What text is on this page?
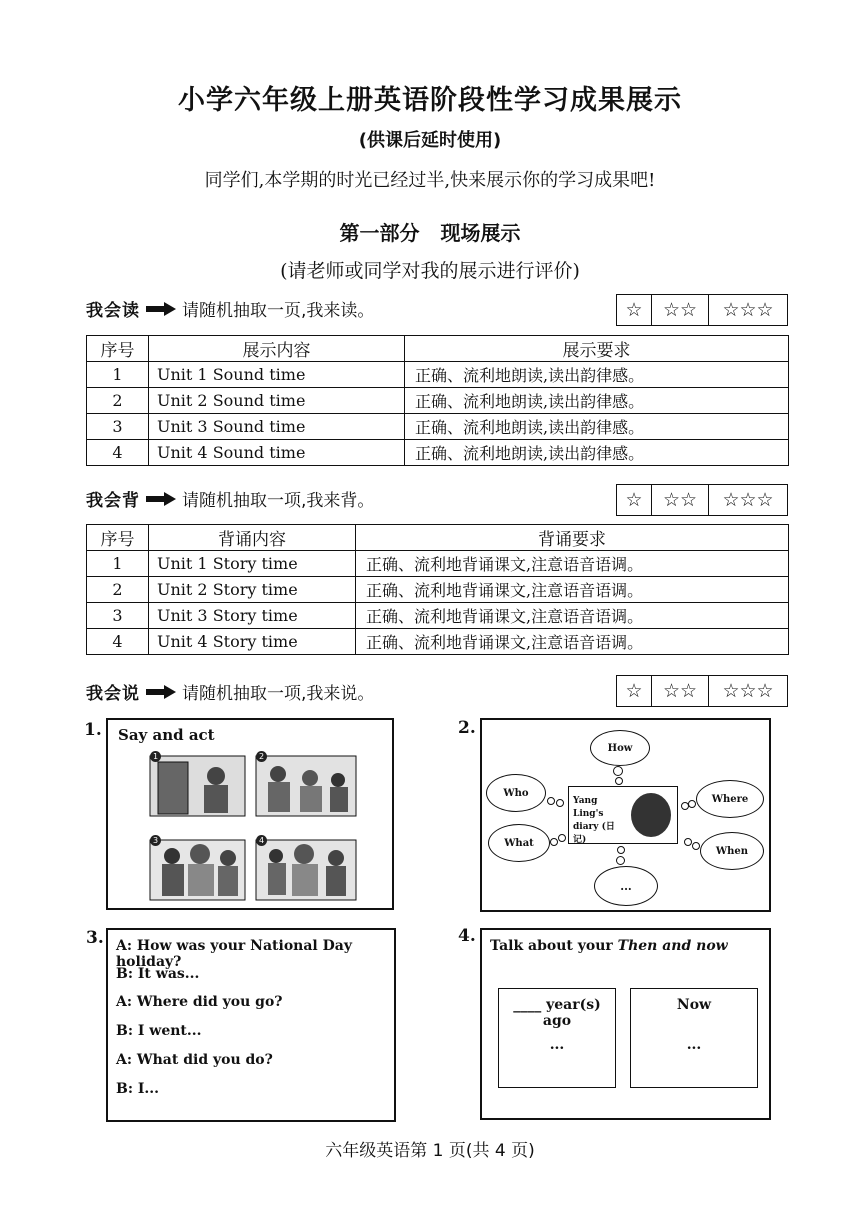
小学六年级上册英语阶段性学习成果展示
(供课后延时使用)
同学们,本学期的时光已经过半,快来展示你的学习成果吧!
第一部分 现场展示
(请老师或同学对我的展示进行评价)
我会读 请随机抽取一页,我来读。	☆	☆☆	☆☆☆
序号	展示内容	展示要求
1	Unit 1 Sound time	正确、流利地朗读,读出韵律感。
2	Unit 2 Sound time	正确、流利地朗读,读出韵律感。
3	Unit 3 Sound time	正确、流利地朗读,读出韵律感。
4	Unit 4 Sound time	正确、流利地朗读,读出韵律感。
我会背 请随机抽取一项,我来背。	☆	☆☆	☆☆☆
序号	背诵内容	背诵要求
1	Unit 1 Story time	正确、流利地背诵课文,注意语音语调。
2	Unit 2 Story time	正确、流利地背诵课文,注意语音语调。
3	Unit 3 Story time	正确、流利地背诵课文,注意语音语调。
4	Unit 4 Story time	正确、流利地背诵课文,注意语音语调。
我会说 请随机抽取一项,我来说。	☆	☆☆	☆☆☆
1. Say and act
1	2
3	4
2.
How
Who
Where
Yang Ling's diary (日记)
What
When
...
3. A: How was your National Day holiday?
B: It was...
A: Where did you go?
B: I went...
A: What did you do?
B: I...
4. Talk about your Then and now
____ year(s) ago
...
Now
...
六年级英语第 1 页(共 4 页)
